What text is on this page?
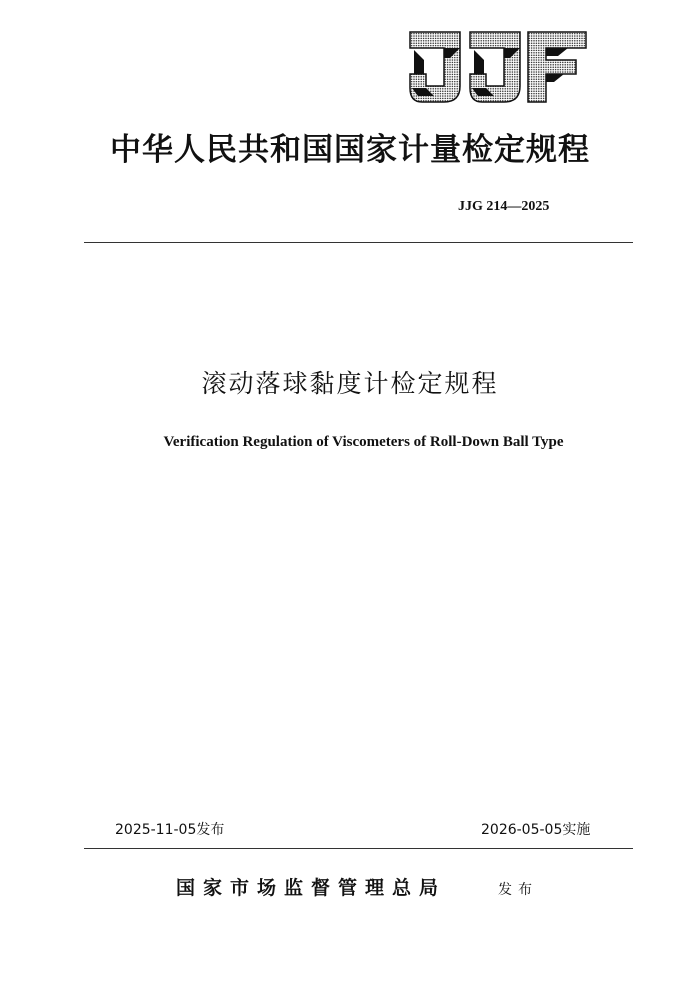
中华人民共和国国家计量检定规程
JJG 214—2025
滚动落球黏度计检定规程
Verification Regulation of Viscometers of Roll-Down Ball Type
2025-11-05发布	2026-05-05实施
国家市场监督管理总局	发布
